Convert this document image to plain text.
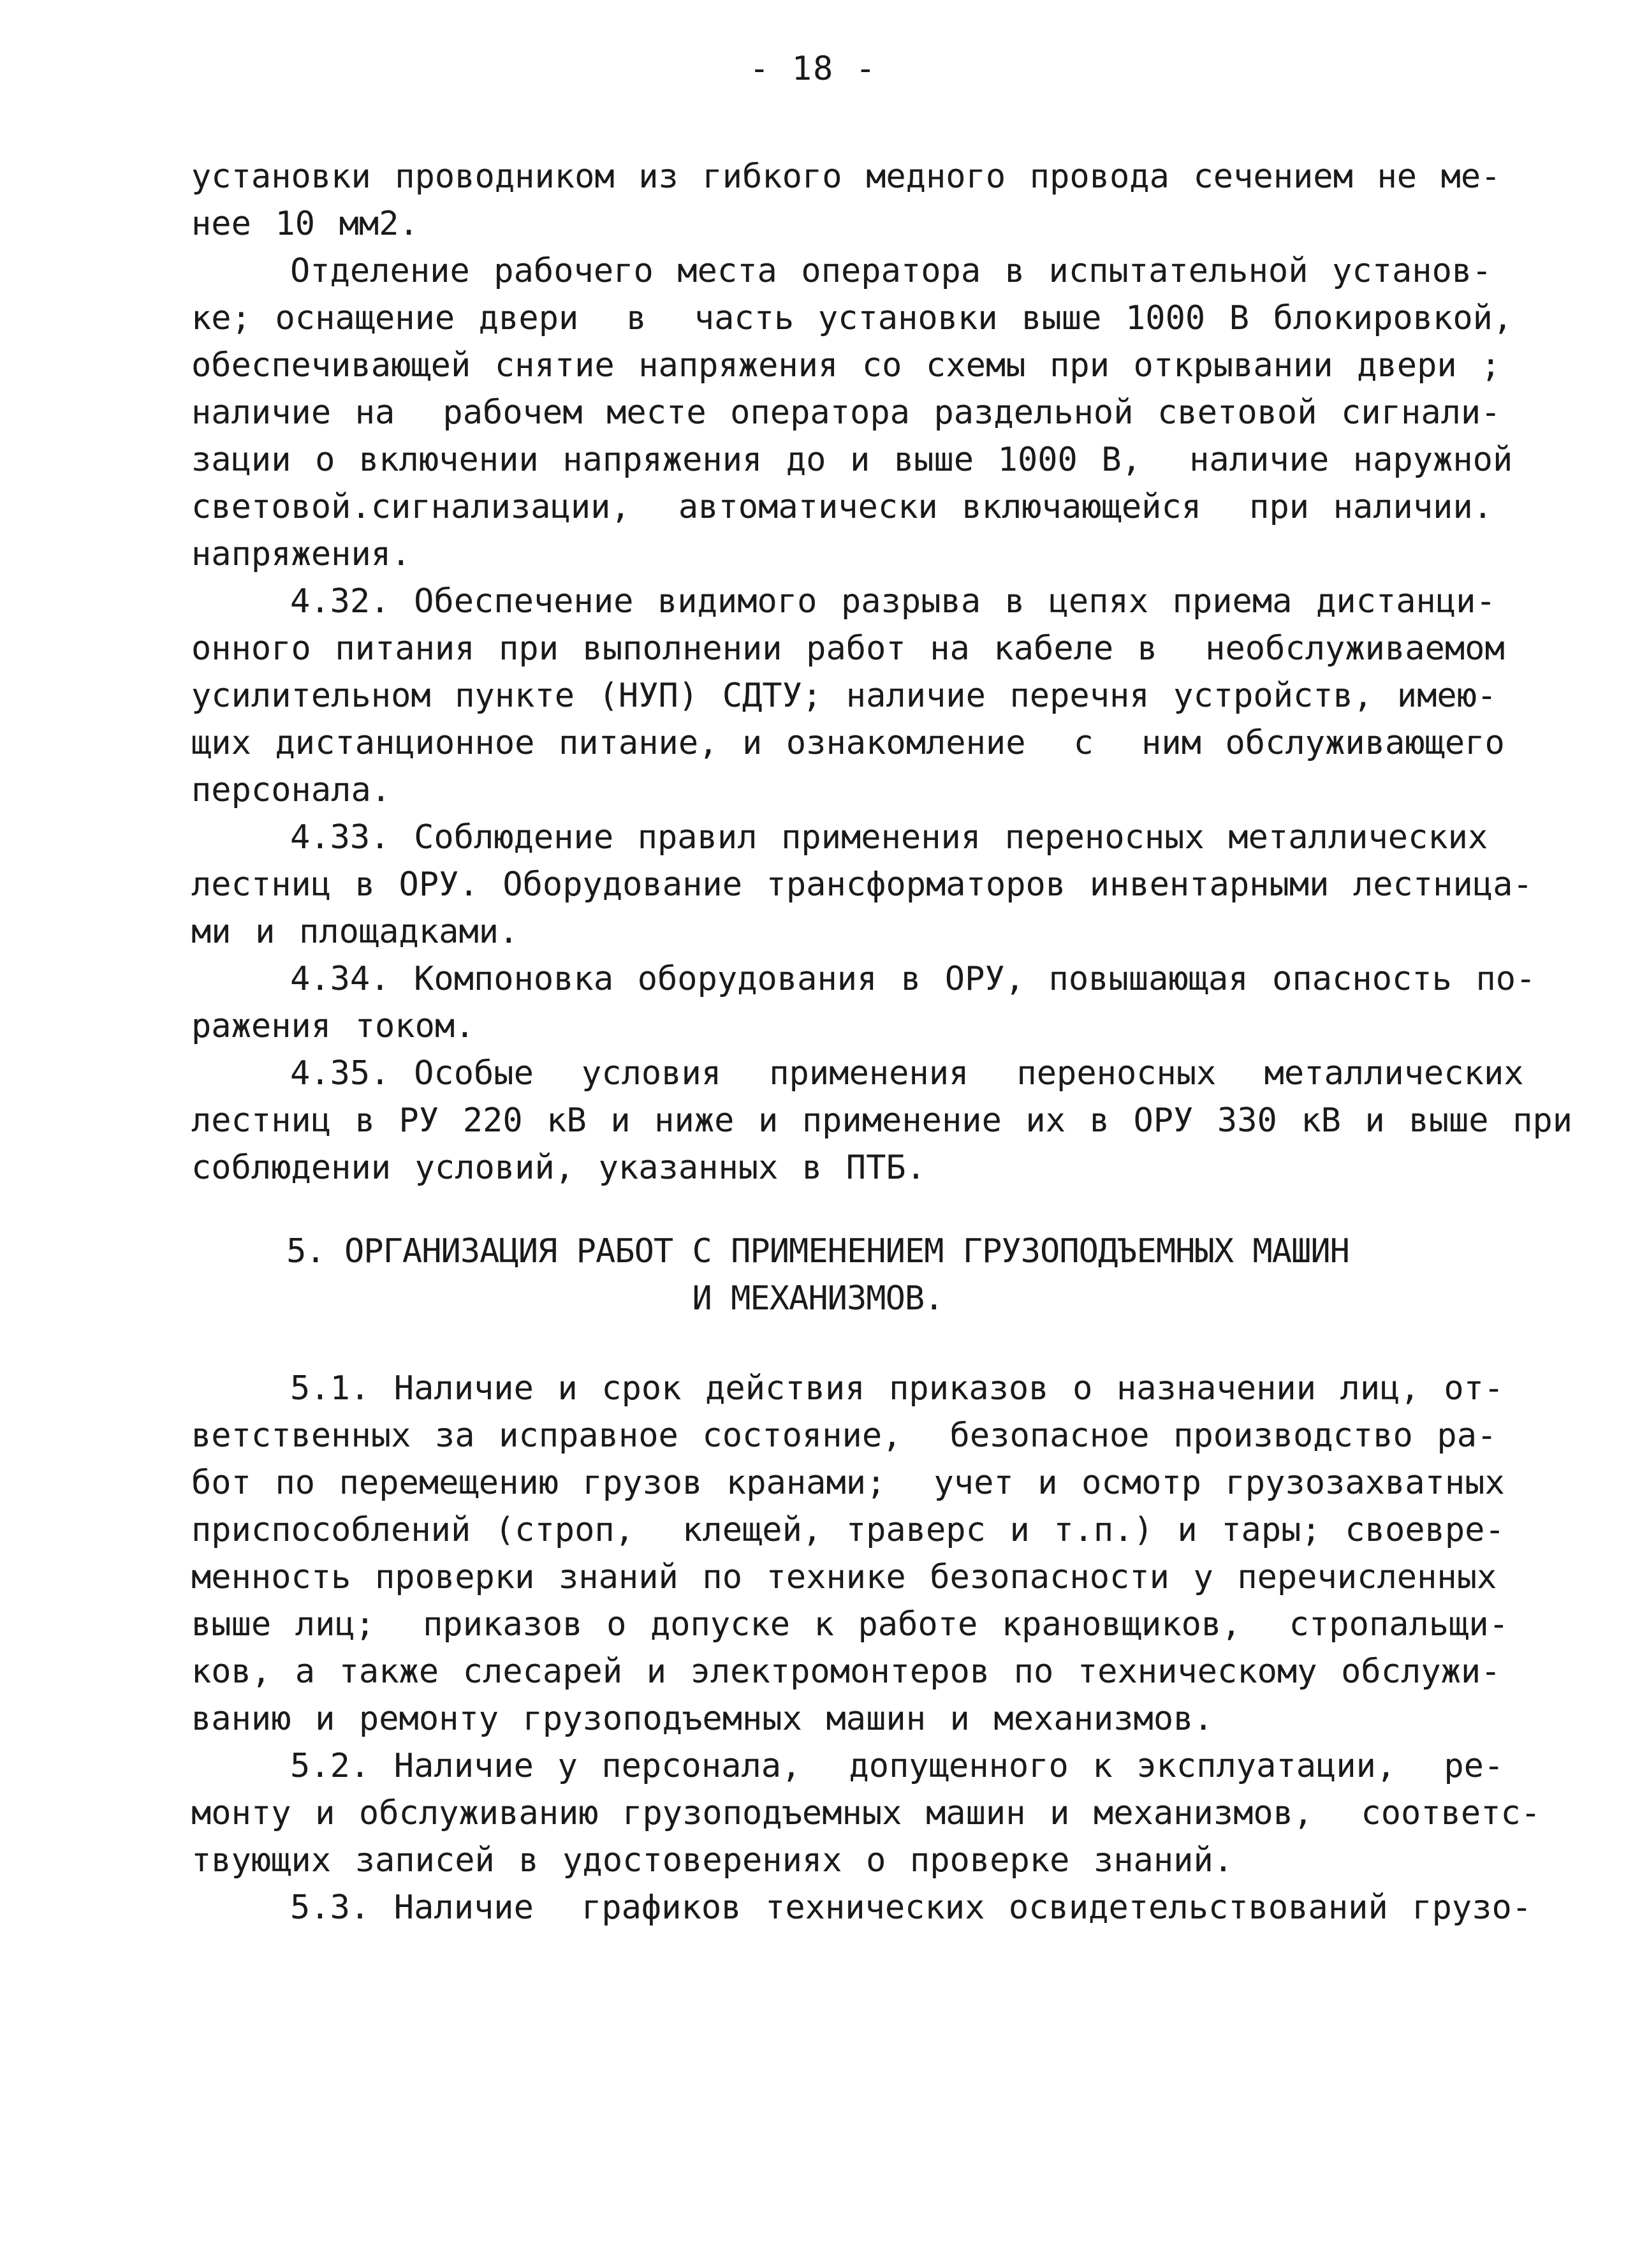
- 18 -
установки проводником из гибкого медного провода сечением не ме-
нее 10 мм2.
Отделение рабочего места оператора в испытательной установ-
ке; оснащение двери  в  часть установки выше 1000 В блокировкой,
обеспечивающей снятие напряжения со схемы при открывании двери ;
наличие на  рабочем месте оператора раздельной световой сигнали-
зации о включении напряжения до и выше 1000 В,  наличие наружной
световой.сигнализации,  автоматически включающейся  при наличии.
напряжения.
4.32. Обеспечение видимого разрыва в цепях приема дистанци-
онного питания при выполнении работ на кабеле в  необслуживаемом
усилительном пункте (НУП) СДТУ; наличие перечня устройств, имею-
щих дистанционное питание, и ознакомление  с  ним обслуживающего
персонала.
4.33. Соблюдение правил применения переносных металлических
лестниц в ОРУ. Оборудование трансформаторов инвентарными лестница-
ми и площадками.
4.34. Компоновка оборудования в ОРУ, повышающая опасность по-
ражения током.
4.35. Особые  условия  применения  переносных  металлических
лестниц в РУ 220 кВ и ниже и применение их в ОРУ 330 кВ и выше при
соблюдении условий, указанных в ПТБ.
5. ОРГАНИЗАЦИЯ РАБОТ С ПРИМЕНЕНИЕМ ГРУЗОПОДЪЕМНЫХ МАШИН
И МЕХАНИЗМОВ.
5.1. Наличие и срок действия приказов о назначении лиц, от-
ветственных за исправное состояние,  безопасное производство ра-
бот по перемещению грузов кранами;  учет и осмотр грузозахватных
приспособлений (строп,  клещей, траверс и т.п.) и тары; своевре-
менность проверки знаний по технике безопасности у перечисленных
выше лиц;  приказов о допуске к работе крановщиков,  стропальщи-
ков, а также слесарей и электромонтеров по техническому обслужи-
ванию и ремонту грузоподъемных машин и механизмов.
5.2. Наличие у персонала,  допущенного к эксплуатации,  ре-
монту и обслуживанию грузоподъемных машин и механизмов,  соответс-
твующих записей в удостоверениях о проверке знаний.
5.3. Наличие  графиков технических освидетельствований грузо-
